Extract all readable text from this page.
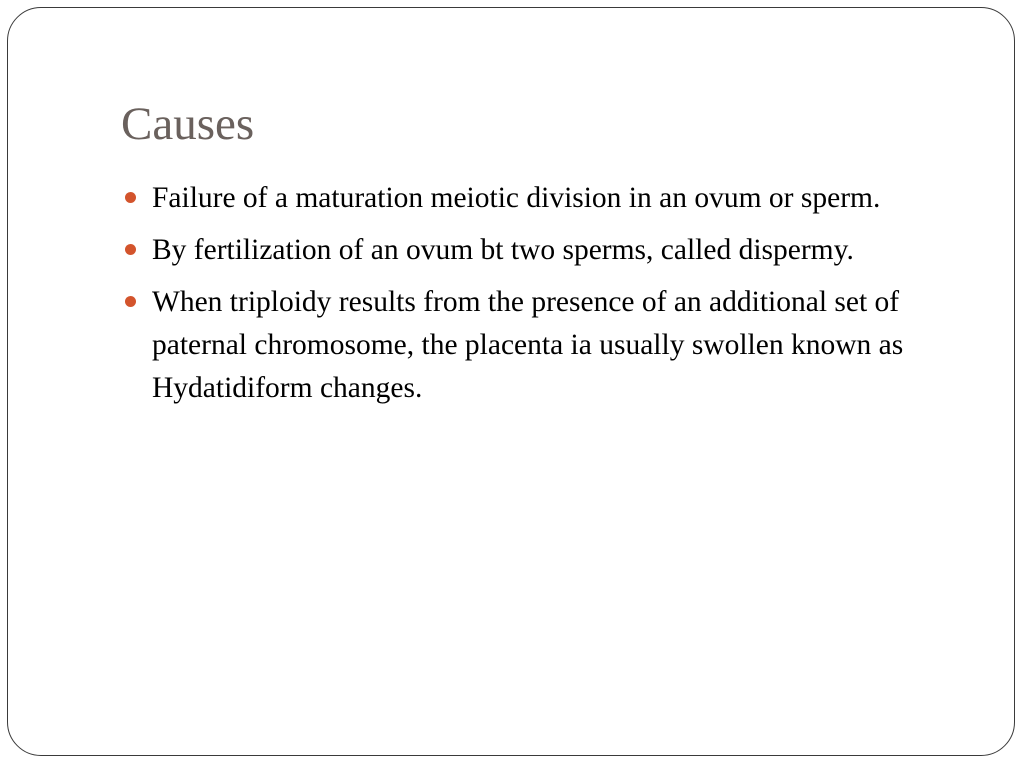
Causes
Failure of a maturation meiotic division in an ovum or sperm.
By fertilization of an ovum bt two sperms, called dispermy.
When triploidy results from the presence of an additional set of paternal chromosome, the placenta ia usually swollen known as Hydatidiform changes.
